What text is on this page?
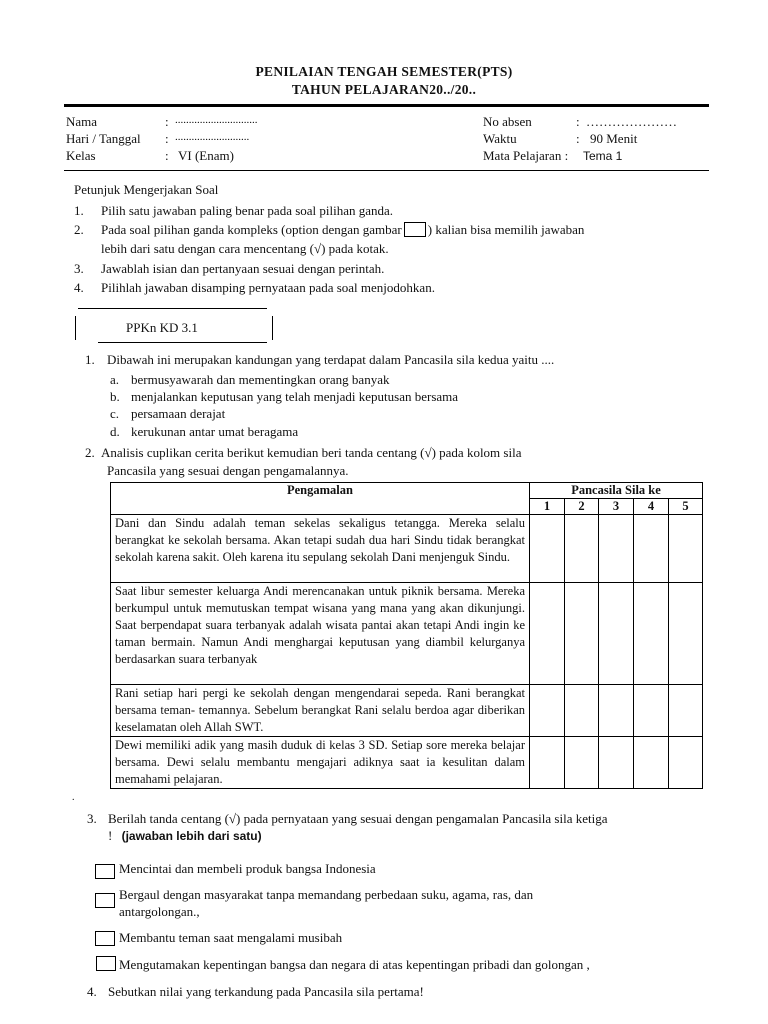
PENILAIAN TENGAH SEMESTER(PTS)
TAHUN PELAJARAN20../20..
Nama	: ..............................
Hari / Tanggal : ...........................
Kelas	: VI (Enam)
No absen	: …………………
Waktu	: 90 Menit
Mata Pelajaran : Tema 1
Petunjuk Mengerjakan Soal
1. Pilih satu jawaban paling benar pada soal pilihan ganda.
2. Pada soal pilihan ganda kompleks (option dengan gambar ) kalian bisa memilih jawaban
lebih dari satu dengan cara mencentang (√) pada kotak.
3. Jawablah isian dan pertanyaan sesuai dengan perintah.
4. Pilihlah jawaban disamping pernyataan pada soal menjodohkan.
PPKn KD 3.1
1. Dibawah ini merupakan kandungan yang terdapat dalam Pancasila sila kedua yaitu ....
a. bermusyawarah dan mementingkan orang banyak
b. menjalankan keputusan yang telah menjadi keputusan bersama
c. persamaan derajat
d. kerukunan antar umat beragama
2. Analisis cuplikan cerita berikut kemudian beri tanda centang (√) pada kolom sila
Pancasila yang sesuai dengan pengamalannya.
Pengamalan	Pancasila Sila ke				
	1	2	3	4	5
Dani dan Sindu adalah teman sekelas sekaligus tetangga. Mereka selalu berangkat ke sekolah bersama. Akan tetapi sudah dua hari Sindu tidak berangkat sekolah karena sakit. Oleh karena itu sepulang sekolah Dani menjenguk Sindu.					
Saat libur semester keluarga Andi merencanakan untuk piknik bersama. Mereka berkumpul untuk memutuskan tempat wisana yang mana yang akan dikunjungi. Saat berpendapat suara terbanyak adalah wisata pantai akan tetapi Andi ingin ke taman bermain. Namun Andi menghargai keputusan yang diambil kelurganya berdasarkan suara terbanyak					
Rani setiap hari pergi ke sekolah dengan mengendarai sepeda. Rani berangkat bersama teman- temannya. Sebelum berangkat Rani selalu berdoa agar diberikan keselamatan oleh Allah SWT.					
Dewi memiliki adik yang masih duduk di kelas 3 SD. Setiap sore mereka belajar bersama. Dewi selalu membantu mengajari adiknya saat ia kesulitan dalam memahami pelajaran.					
.
3. Berilah tanda centang (√) pada pernyataan yang sesuai dengan pengamalan Pancasila sila ketiga
! (jawaban lebih dari satu)
Mencintai dan membeli produk bangsa Indonesia
Bergaul dengan masyarakat tanpa memandang perbedaan suku, agama, ras, dan
antargolongan.,
Membantu teman saat mengalami musibah
Mengutamakan kepentingan bangsa dan negara di atas kepentingan pribadi dan golongan ,
4. Sebutkan nilai yang terkandung pada Pancasila sila pertama!
